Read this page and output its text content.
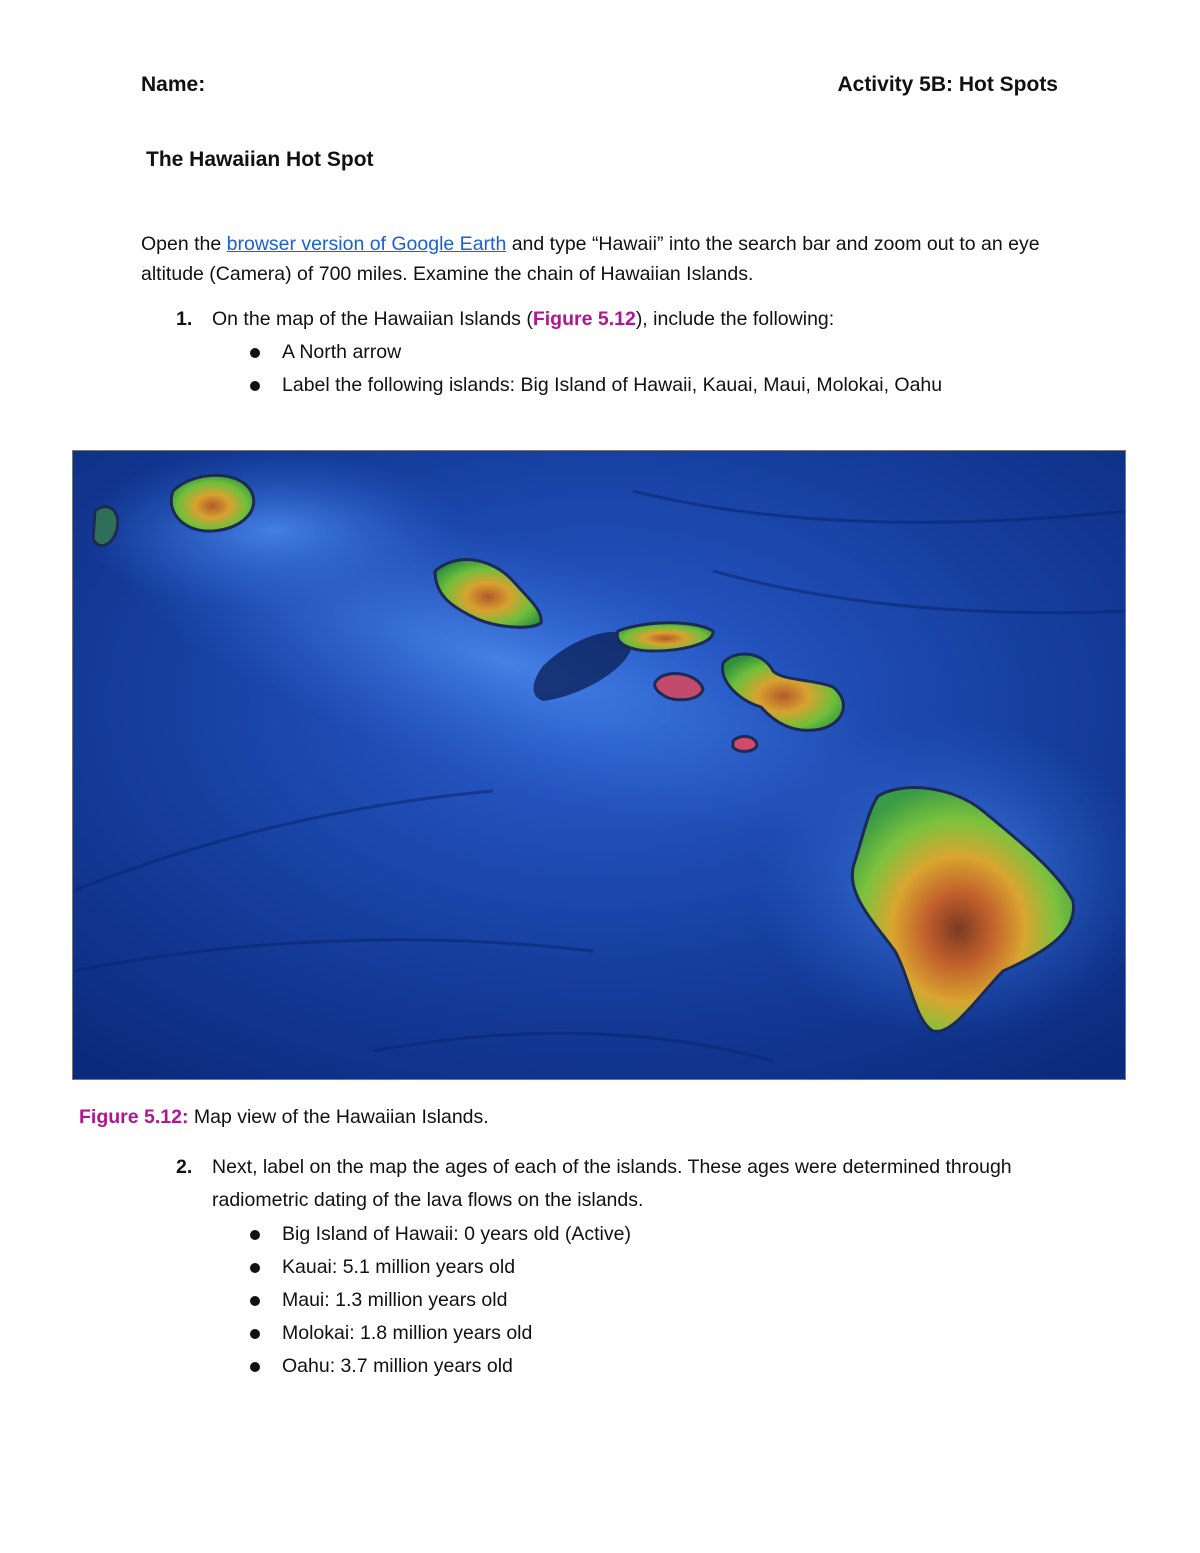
Name:	Activity 5B: Hot Spots
The Hawaiian Hot Spot
Open the browser version of Google Earth and type “Hawaii” into the search bar and zoom out to an eye altitude (Camera) of 700 miles. Examine the chain of Hawaiian Islands.
1.	On the map of the Hawaiian Islands (Figure 5.12), include the following:
A North arrow
Label the following islands: Big Island of Hawaii, Kauai, Maui, Molokai, Oahu
Figure 5.12: Map view of the Hawaiian Islands.
2.	Next, label on the map the ages of each of the islands. These ages were determined through radiometric dating of the lava flows on the islands.
Big Island of Hawaii: 0 years old (Active)
Kauai: 5.1 million years old
Maui: 1.3 million years old
Molokai: 1.8 million years old
Oahu: 3.7 million years old
